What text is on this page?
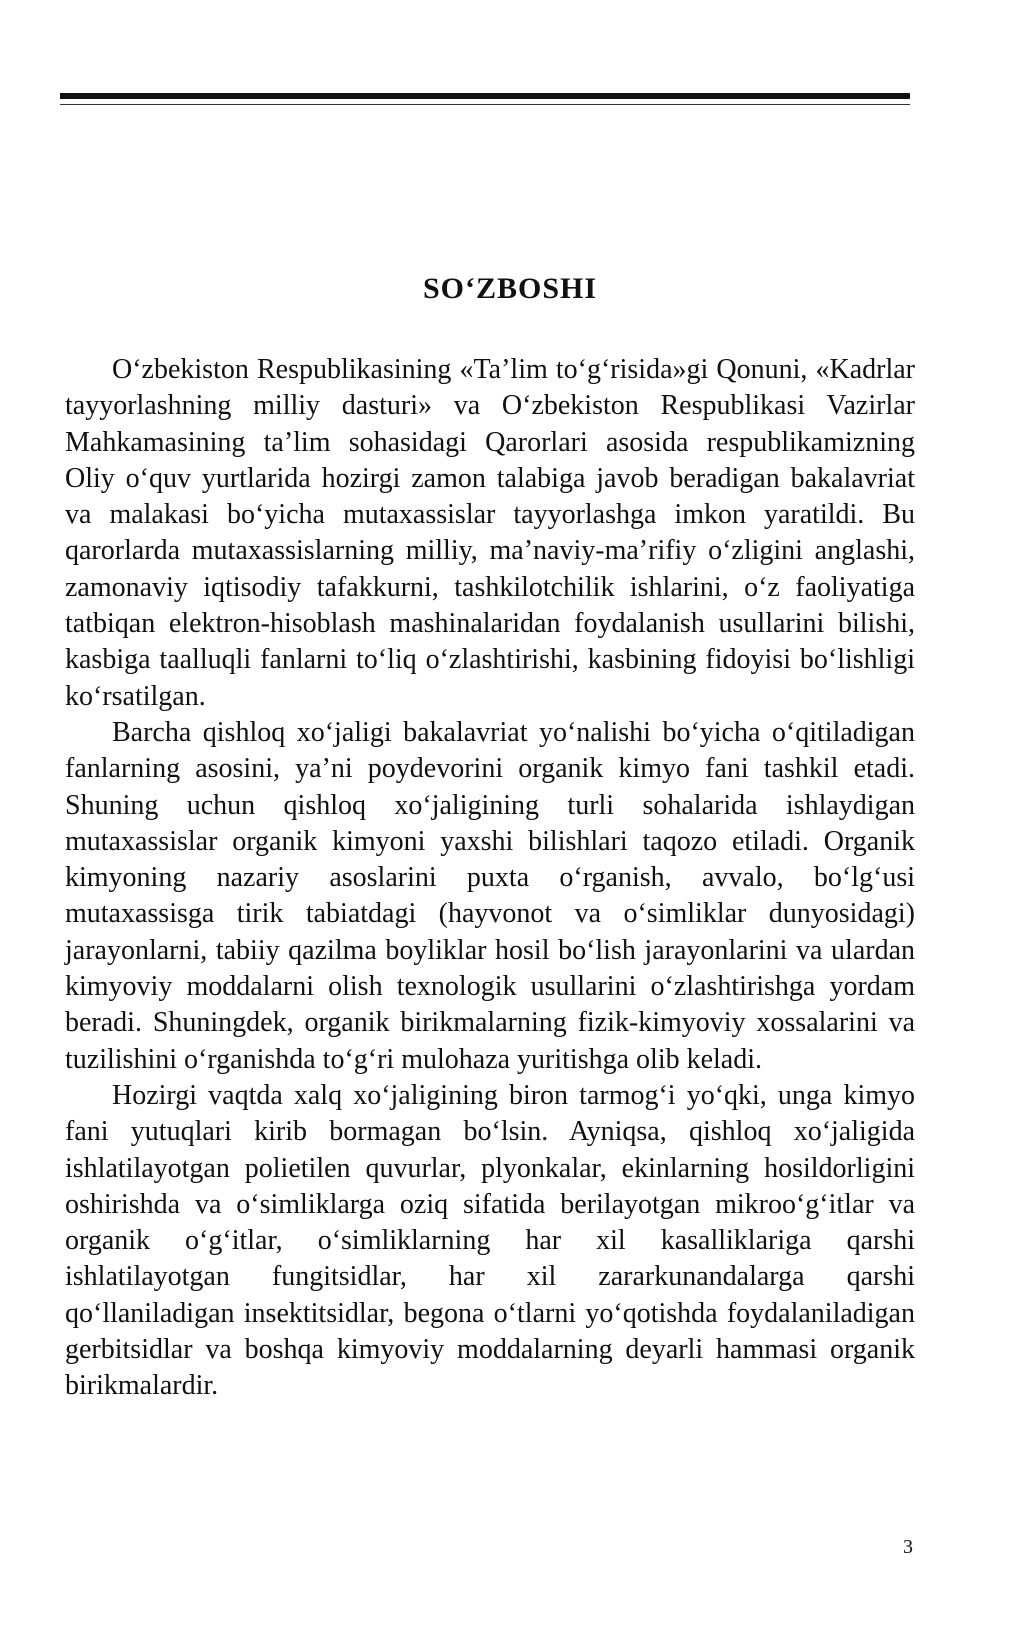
SO‘ZBOSHI

O‘zbekiston Respublikasining «Ta’lim to‘g‘risida»gi Qonuni, «Kadrlar tayyorlashning milliy dasturi» va O‘zbekiston Respublikasi Vazirlar Mahkamasining ta’lim sohasidagi Qarorlari asosida respublikamizning Oliy o‘quv yurtlarida hozirgi zamon talabiga javob beradigan bakalavriat va malakasi bo‘yicha mutaxassislar tayyorlashga imkon yaratildi. Bu qarorlarda mutaxassislarning milliy, ma’naviy-ma’rifiy o‘zligini anglashi, zamonaviy iqtisodiy tafakkurni, tashkilotchilik ishlarini, o‘z faoliyatiga tatbiqan elektron-hisoblash mashinalaridan foydalanish usullarini bilishi, kasbiga taalluqli fanlarni to‘liq o‘zlashtirishi, kasbining fidoyisi bo‘lishligi ko‘rsatilgan.

Barcha qishloq xo‘jaligi bakalavriat yo‘nalishi bo‘yicha o‘qitiladigan fanlarning asosini, ya’ni poydevorini organik kimyo fani tashkil etadi. Shuning uchun qishloq xo‘jaligining turli sohalarida ishlaydigan mutaxassislar organik kimyoni yaxshi bilishlari taqozo etiladi. Organik kimyoning nazariy asoslarini puxta o‘rganish, avvalo, bo‘lg‘usi mutaxassisga tirik tabiatdagi (hayvonot va o‘simliklar dunyosidagi) jarayonlarni, tabiiy qazilma boyliklar hosil bo‘lish jarayonlarini va ulardan kimyoviy moddalarni olish texnologik usullarini o‘zlashtirishga yordam beradi. Shuningdek, organik birikmalarning fizik-kimyoviy xossalarini va tuzilishini o‘rganishda to‘g‘ri mulohaza yuritishga olib keladi.

Hozirgi vaqtda xalq xo‘jaligining biron tarmog‘i yo‘qki, unga kimyo fani yutuqlari kirib bormagan bo‘lsin. Ayniqsa, qishloq xo‘jaligida ishlatilayotgan polietilen quvurlar, plyonkalar, ekinlarning hosildorligini oshirishda va o‘simliklarga oziq sifatida berilayotgan mikroo‘g‘itlar va organik o‘g‘itlar, o‘simliklarning har xil kasalliklariga qarshi ishlatilayotgan fungitsidlar, har xil zararkunandalarga qarshi qo‘llaniladigan insektitsidlar, begona o‘tlarni yo‘qotishda foydalaniladigan gerbitsidlar va boshqa kimyoviy moddalarning deyarli hammasi organik birikmalardir.

3
